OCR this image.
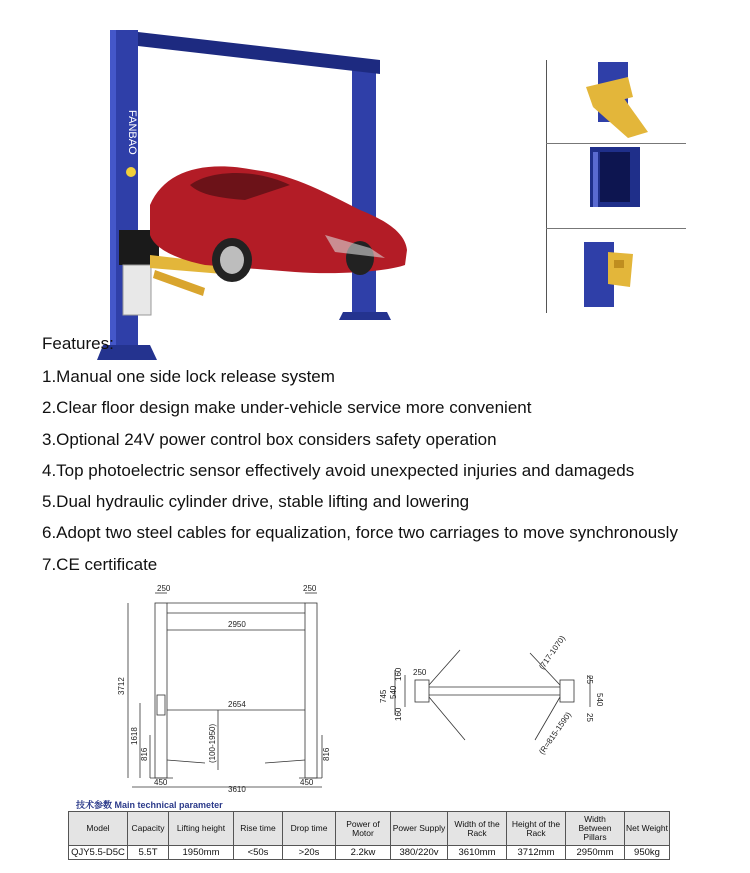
FANBAO
Features:
1.Manual one side lock release system
2.Clear floor design make under-vehicle service more convenient
3.Optional 24V power control box considers safety operation
4.Top photoelectric sensor effectively avoid unexpected injuries and damageds
5.Dual hydraulic cylinder drive, stable lifting and lowering
6.Adopt two steel cables for equalization, force two carriages to move synchronously
7.CE certificate
250	250
2950
2654
3712
1618
816	816
(100-1950)
450	450
3610
250
160
745 540
160	(R=815-1590)
(717-1070)
25
540
25
技术参数 Main technical parameter
Model	Capacity	Lifting height	Rise time	Drop time	Power of Motor	Power Supply	Width of the Rack	Height of the Rack	Width Between Pillars	Net Weight
QJY5.5-D5C	5.5T	1950mm	<50s	>20s	2.2kw	380/220v	3610mm	3712mm	2950mm	950kg
